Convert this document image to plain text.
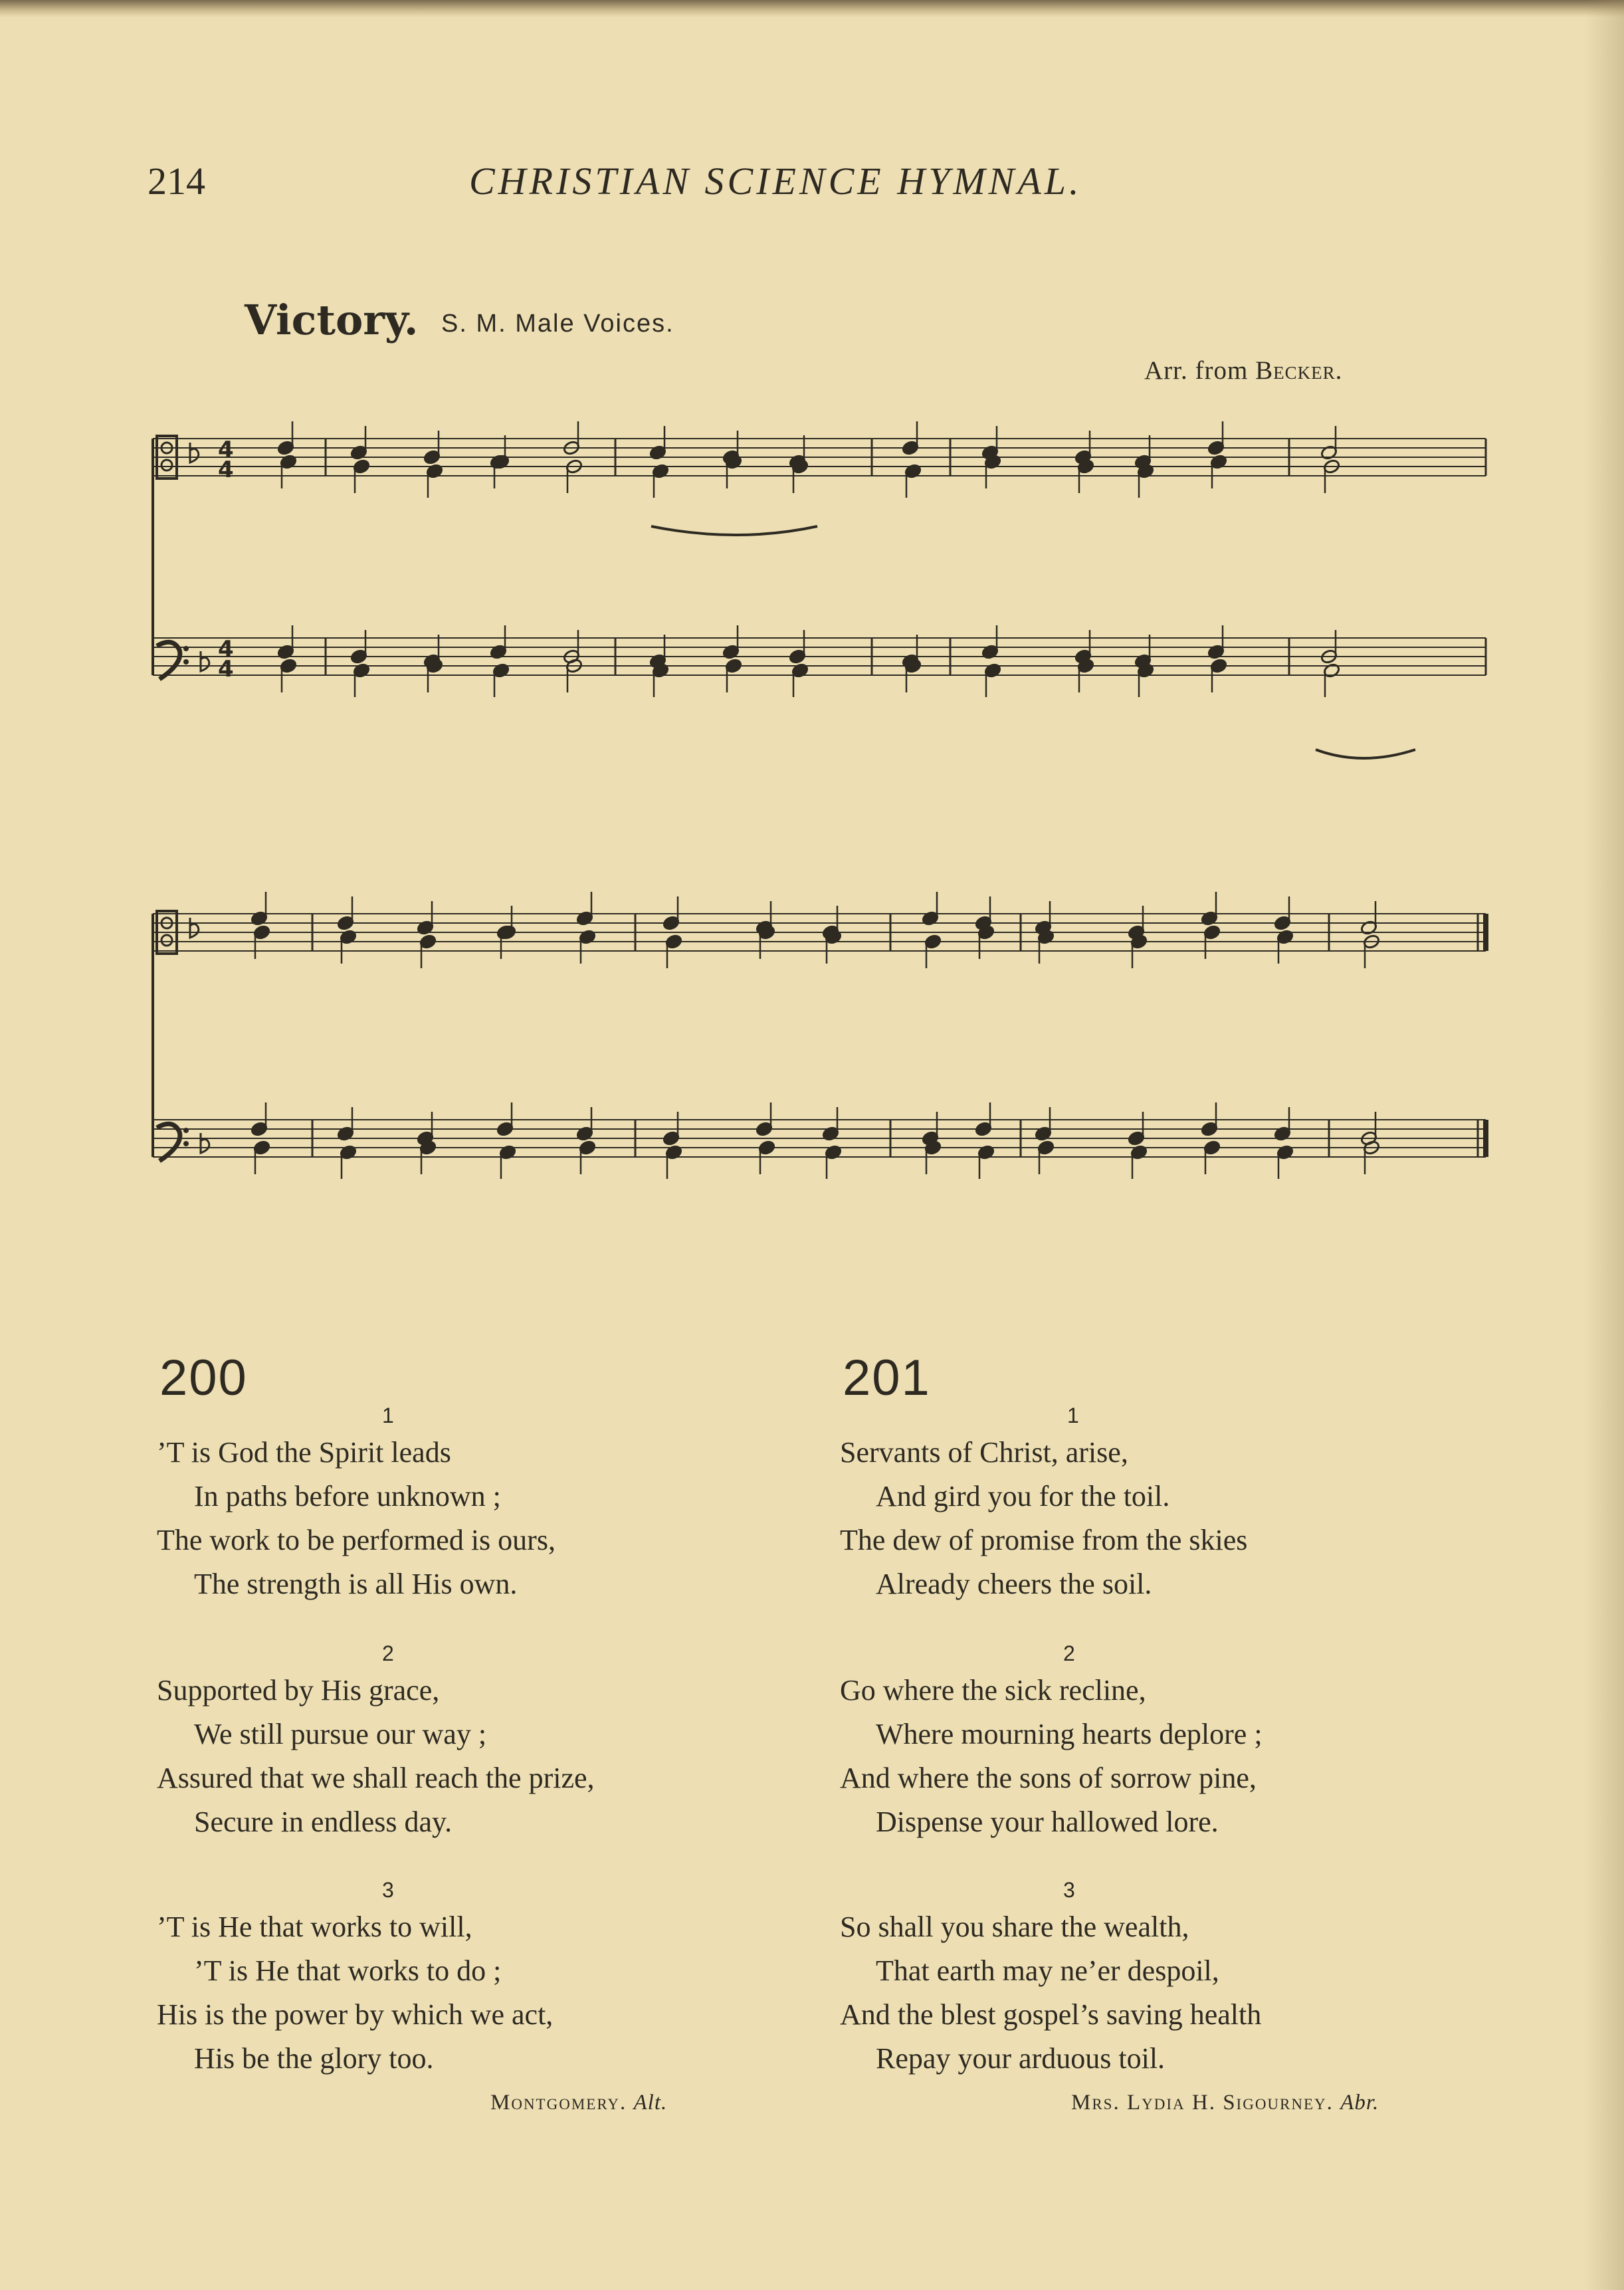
214	CHRISTIAN SCIENCE HYMNAL.
Victory. S. M. Male Voices.
Arr. from Becker.
4
4
4
4
200
1
’T is God the Spirit leads
In paths before unknown ;
The work to be performed is ours,
The strength is all His own.
2
Supported by His grace,
We still pursue our way ;
Assured that we shall reach the prize,
Secure in endless day.
3
’T is He that works to will,
’T is He that works to do ;
His is the power by which we act,
His be the glory too.
Montgomery. Alt.
201
1
Servants of Christ, arise,
And gird you for the toil.
The dew of promise from the skies
Already cheers the soil.
2
Go where the sick recline,
Where mourning hearts deplore ;
And where the sons of sorrow pine,
Dispense your hallowed lore.
3
So shall you share the wealth,
That earth may ne’er despoil,
And the blest gospel’s saving health
Repay your arduous toil.
Mrs. Lydia H. Sigourney. Abr.
